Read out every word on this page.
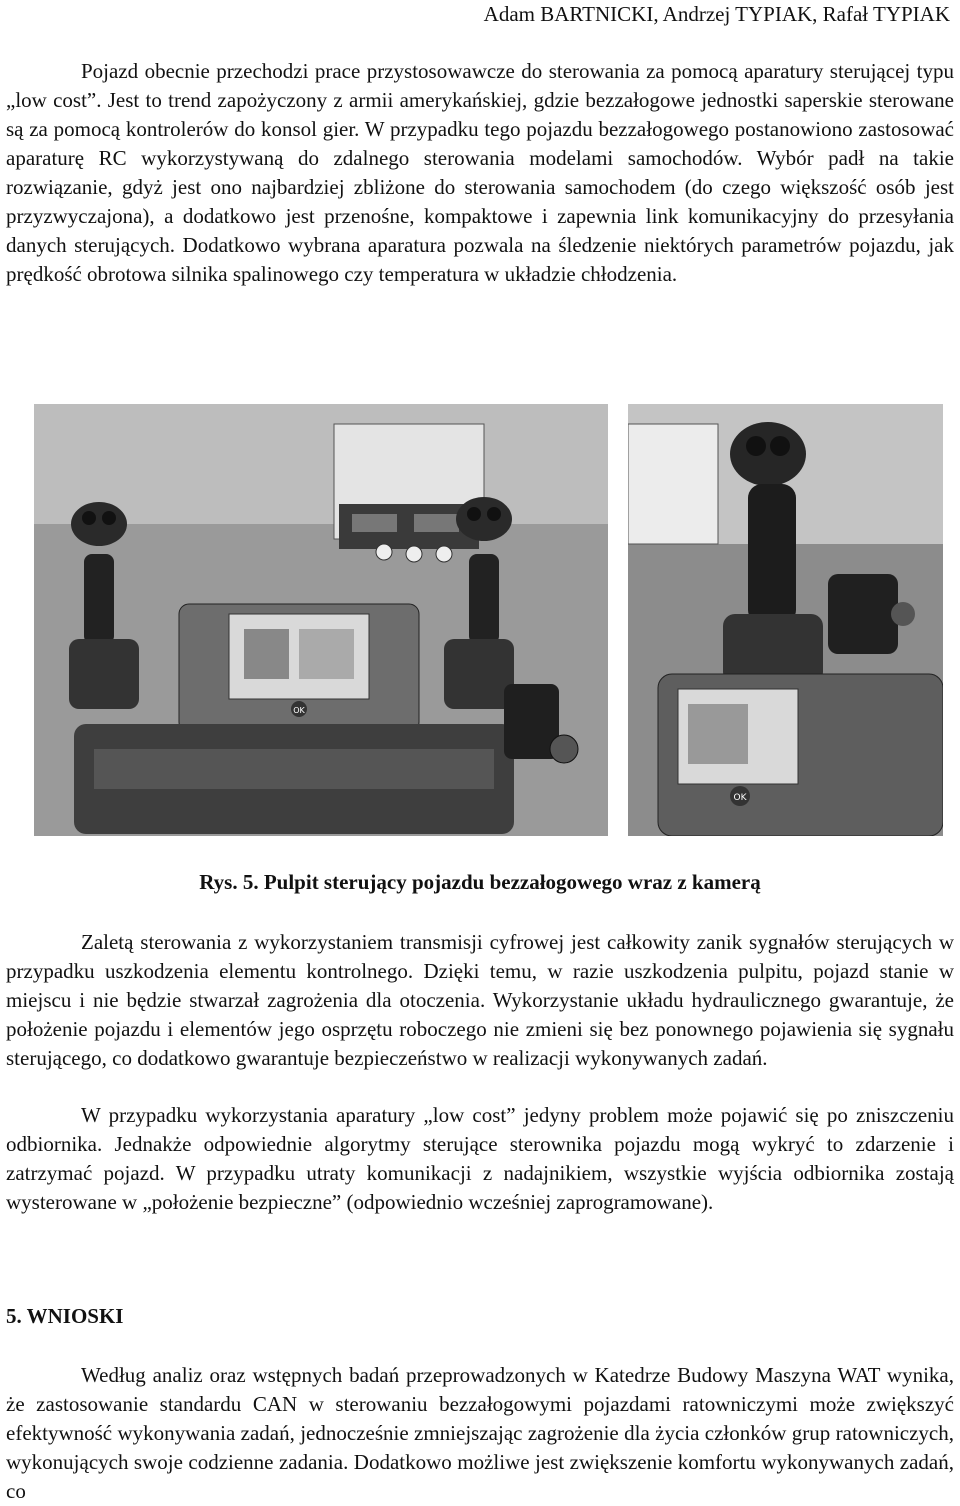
Adam BARTNICKI, Andrzej TYPIAK, Rafał TYPIAK

Pojazd obecnie przechodzi prace przystosowawcze do sterowania za pomocą aparatury sterującej typu „low cost”. Jest to trend zapożyczony z armii amerykańskiej, gdzie bezzałogowe jednostki saperskie sterowane są za pomocą kontrolerów do konsol gier. W przypadku tego pojazdu bezzałogowego postanowiono zastosować aparaturę RC wykorzystywaną do zdalnego sterowania modelami samochodów. Wybór padł na takie rozwiązanie, gdyż jest ono najbardziej zbliżone do sterowania samochodem (do czego większość osób jest przyzwyczajona), a dodatkowo jest przenośne, kompaktowe i zapewnia link komunikacyjny do przesyłania danych sterujących. Dodatkowo wybrana aparatura pozwala na śledzenie niektórych parametrów pojazdu, jak prędkość obrotowa silnika spalinowego czy temperatura w układzie chłodzenia.

OK
OK
Rys. 5. Pulpit sterujący pojazdu bezzałogowego wraz z kamerą

Zaletą sterowania z wykorzystaniem transmisji cyfrowej jest całkowity zanik sygnałów sterujących w przypadku uszkodzenia elementu kontrolnego. Dzięki temu, w razie uszkodzenia pulpitu, pojazd stanie w miejscu i nie będzie stwarzał zagrożenia dla otoczenia. Wykorzystanie układu hydraulicznego gwarantuje, że położenie pojazdu i elementów jego osprzętu roboczego nie zmieni się bez ponownego pojawienia się sygnału sterującego, co dodatkowo gwarantuje bezpieczeństwo w realizacji wykonywanych zadań.

W przypadku wykorzystania aparatury „low cost” jedyny problem może pojawić się po zniszczeniu odbiornika. Jednakże odpowiednie algorytmy sterujące sterownika pojazdu mogą wykryć to zdarzenie i zatrzymać pojazd. W przypadku utraty komunikacji z nadajnikiem, wszystkie wyjścia odbiornika zostają wysterowane w „położenie bezpieczne” (odpowiednio wcześniej zaprogramowane).

5. WNIOSKI

Według analiz oraz wstępnych badań przeprowadzonych w Katedrze Budowy Maszyna WAT wynika, że zastosowanie standardu CAN w sterowaniu bezzałogowymi pojazdami ratowniczymi może zwiększyć efektywność wykonywania zadań, jednocześnie zmniejszając zagrożenie dla życia członków grup ratowniczych, wykonujących swoje codzienne zadania. Dodatkowo możliwe jest zwiększenie komfortu wykonywanych zadań, co
